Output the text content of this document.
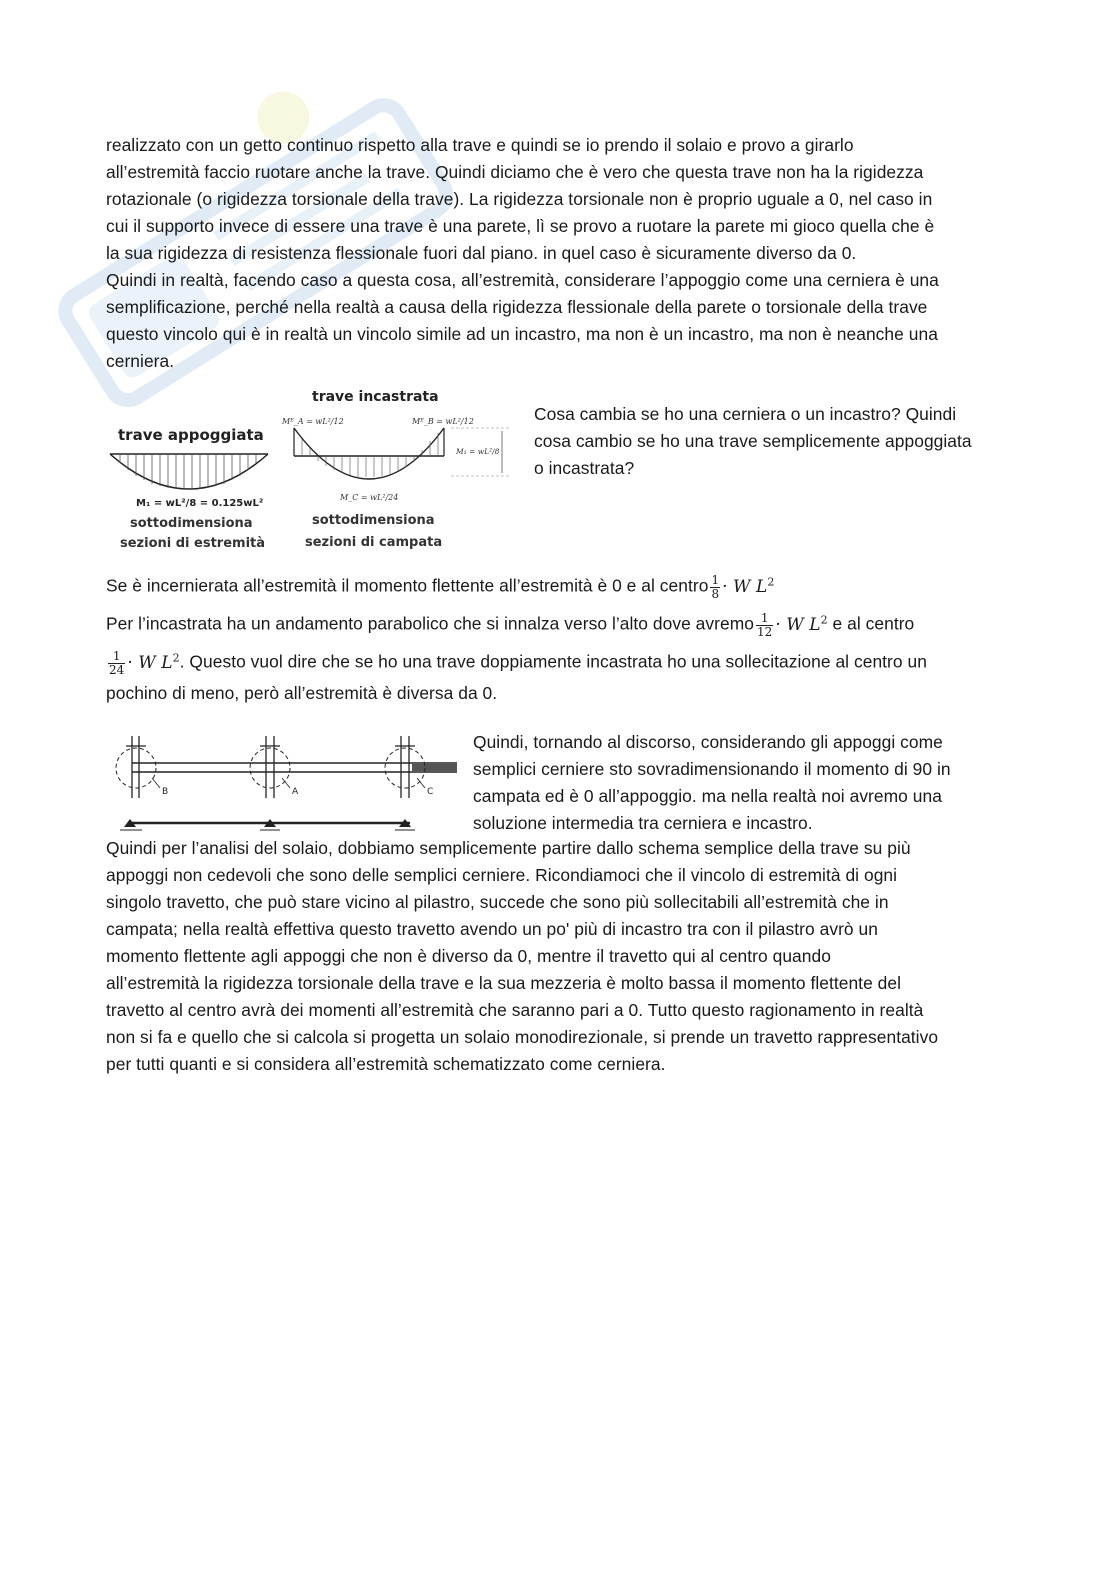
realizzato con un getto continuo rispetto alla trave e quindi se io prendo il solaio e provo a girarlo
all’estremità faccio ruotare anche la trave. Quindi diciamo che è vero che questa trave non ha la rigidezza
rotazionale (o rigidezza torsionale della trave). La rigidezza torsionale non è proprio uguale a 0, nel caso in
cui il supporto invece di essere una trave è una parete, lì se provo a ruotare la parete mi gioco quella che è
la sua rigidezza di resistenza flessionale fuori dal piano. in quel caso è sicuramente diverso da 0.
Quindi in realtà, facendo caso a questa cosa, all’estremità, considerare l’appoggio come una cerniera è una
semplificazione, perché nella realtà a causa della rigidezza flessionale della parete o torsionale della trave
questo vincolo qui è in realtà un vincolo simile ad un incastro, ma non è un incastro, ma non è neanche una
cerniera.
trave appoggiata
M₁ = wL²/8 = 0.125wL²
sottodimensiona
sezioni di estremità
trave incastrata
Mᴱ_A = wL²/12	Mᴱ_B = wL²/12
M₁ = wL²/8
M_C = wL²/24
sottodimensiona
sezioni di campata
Cosa cambia se ho una cerniera o un incastro? Quindi
cosa cambio se ho una trave semplicemente appoggiata
o incastrata?
Se è incernierata all’estremità il momento flettente all’estremità è 0 e al centro $\frac{1}{8} \cdot W$ $L^2$
Per l’incastrata ha un andamento parabolico che si innalza verso l’alto dove avremo $\frac{1}{12} \cdot W$ $L^2$ e al centro
$\frac{1}{24} \cdot W$ $L^2$. Questo vuol dire che se ho una trave doppiamente incastrata ho una sollecitazione al centro un
pochino di meno, però all’estremità è diversa da 0.
B	A	C
Quindi, tornando al discorso, considerando gli appoggi come
semplici cerniere sto sovradimensionando il momento di 90 in
campata ed è 0 all’appoggio. ma nella realtà noi avremo una
soluzione intermedia tra cerniera e incastro.
Quindi per l’analisi del solaio, dobbiamo semplicemente partire dallo schema semplice della trave su più
appoggi non cedevoli che sono delle semplici cerniere. Ricondiamoci che il vincolo di estremità di ogni
singolo travetto, che può stare vicino al pilastro, succede che sono più sollecitabili all’estremità che in
campata; nella realtà effettiva questo travetto avendo un po' più di incastro tra con il pilastro avrò un
momento flettente agli appoggi che non è diverso da 0, mentre il travetto qui al centro quando
all’estremità la rigidezza torsionale della trave e la sua mezzeria è molto bassa il momento flettente del
travetto al centro avrà dei momenti all’estremità che saranno pari a 0. Tutto questo ragionamento in realtà
non si fa e quello che si calcola si progetta un solaio monodirezionale, si prende un travetto rappresentativo
per tutti quanti e si considera all’estremità schematizzato come cerniera.
